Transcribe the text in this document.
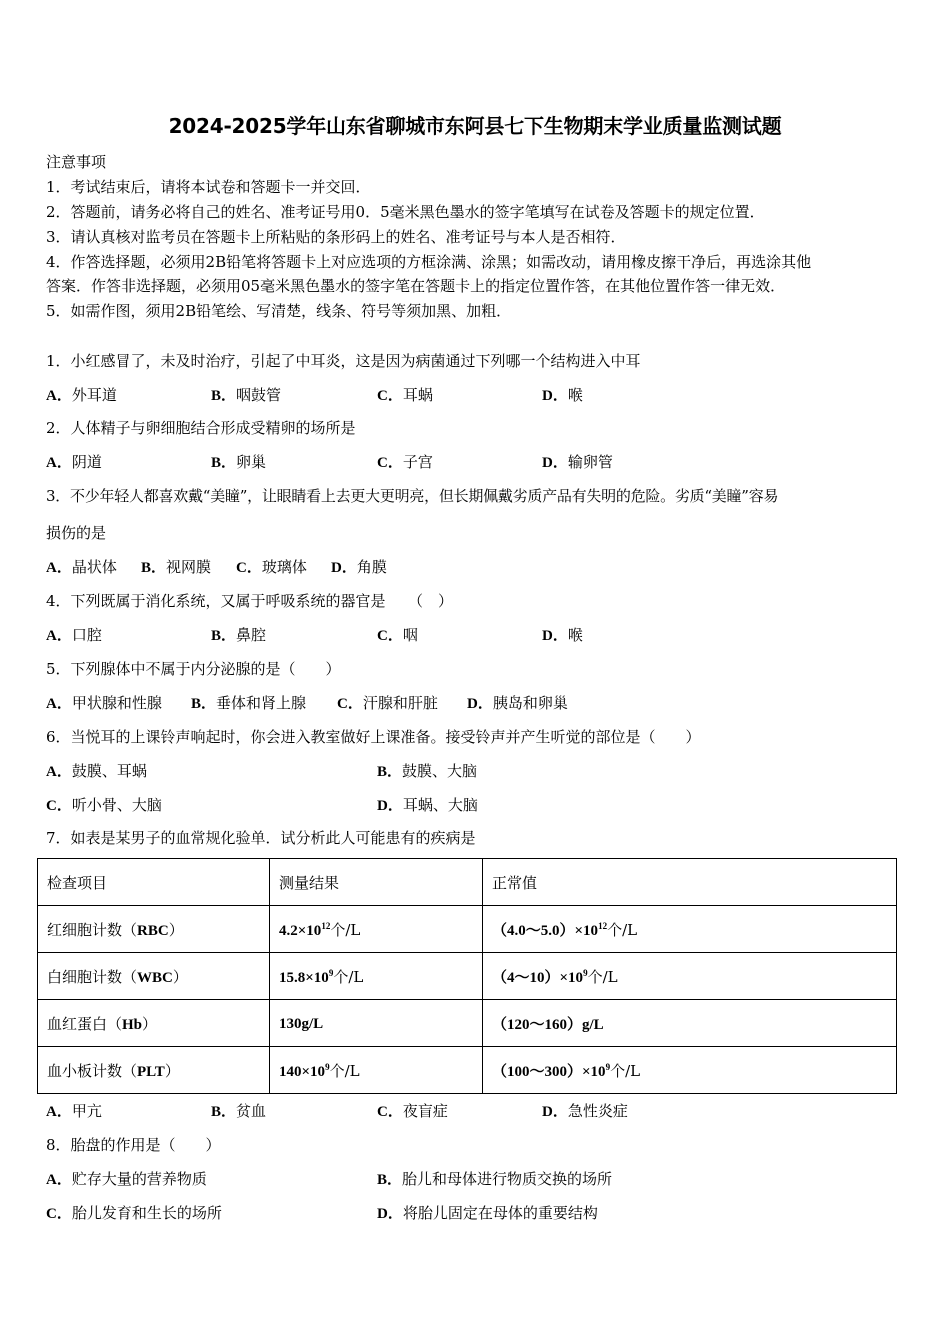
2024-2025学年山东省聊城市东阿县七下生物期末学业质量监测试题
注意事项
1．考试结束后，请将本试卷和答题卡一并交回．
2．答题前，请务必将自己的姓名、准考证号用0．5毫米黑色墨水的签字笔填写在试卷及答题卡的规定位置．
3．请认真核对监考员在答题卡上所粘贴的条形码上的姓名、准考证号与本人是否相符．
4．作答选择题，必须用2B铅笔将答题卡上对应选项的方框涂满、涂黑；如需改动，请用橡皮擦干净后，再选涂其他
答案．作答非选择题，必须用05毫米黑色墨水的签字笔在答题卡上的指定位置作答，在其他位置作答一律无效．
5．如需作图，须用2B铅笔绘、写清楚，线条、符号等须加黑、加粗．
1．小红感冒了，未及时治疗，引起了中耳炎，这是因为病菌通过下列哪一个结构进入中耳
A．外耳道	B．咽鼓管	C．耳蜗	D．喉
2．人体精子与卵细胞结合形成受精卵的场所是
A．阴道	B．卵巢	C．子宫	D．输卵管
3．不少年轻人都喜欢戴“美瞳”，让眼睛看上去更大更明亮，但长期佩戴劣质产品有失明的危险。劣质“美瞳”容易
损伤的是
A．晶状体 B．视网膜 C．玻璃体 D．角膜
4．下列既属于消化系统，又属于呼吸系统的器官是　　（　）
A．口腔	B．鼻腔	C．咽	D．喉
5．下列腺体中不属于内分泌腺的是（　　）
A．甲状腺和性腺 B．垂体和肾上腺 C．汗腺和肝脏 D．胰岛和卵巢
6．当悦耳的上课铃声响起时，你会进入教室做好上课准备。接受铃声并产生听觉的部位是（　　）
A．鼓膜、耳蜗	B．鼓膜、大脑
C．听小骨、大脑	D．耳蜗、大脑
7．如表是某男子的血常规化验单．试分析此人可能患有的疾病是
检查项目	测量结果	正常值
红细胞计数（RBC）	$4.2\times 10^{12}$个/L	$(4.0\sim 5.0)\times 10^{12}$个/L
白细胞计数（WBC）	$15.8\times 10^9$个/L	$(4\sim 10)\times 10^9$个/L
血红蛋白（Hb）	130g/L	（120～160）g/L
血小板计数（PLT）	$140\times 10^9$个/L	$(100\sim 300)\times 10^9$个/L
A．甲亢	B．贫血	C．夜盲症	D．急性炎症
8．胎盘的作用是（　　）
A．贮存大量的营养物质	B．胎儿和母体进行物质交换的场所
C．胎儿发育和生长的场所	D．将胎儿固定在母体的重要结构
